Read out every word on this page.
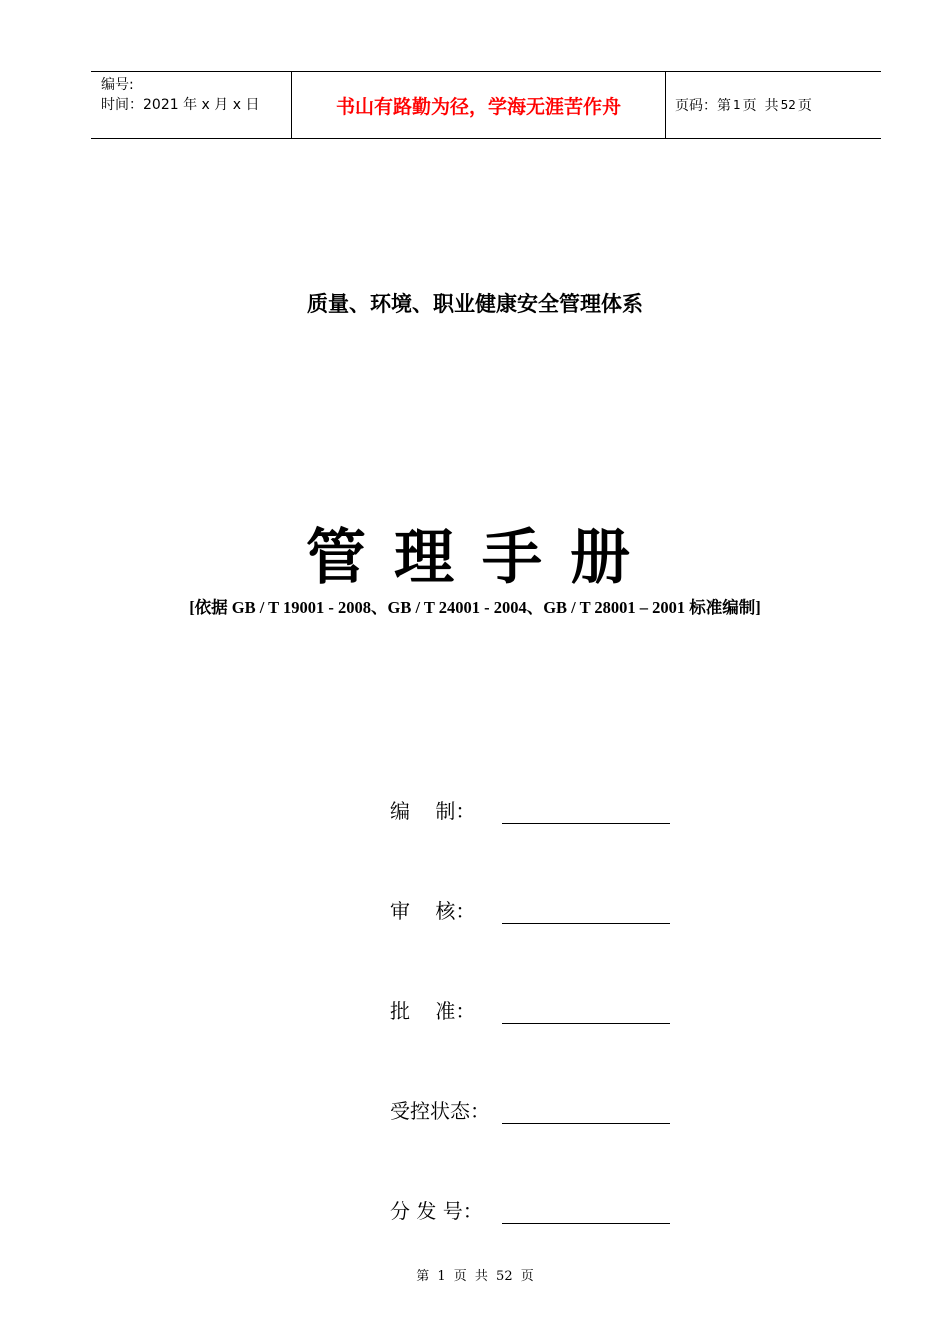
编号:
时间：2021 年 x 月 x 日	书山有路勤为径，学海无涯苦作舟	页码：第 1 页 共 52 页
质量、环境、职业健康安全管理体系
管理手册
[依据 GB / T 19001 - 2008、GB / T 24001 - 2004、GB / T 28001 – 2001 标准编制]
编    制：
审    核：
批    准：
受控状态：
分 发 号：
第 1 页 共 52 页
